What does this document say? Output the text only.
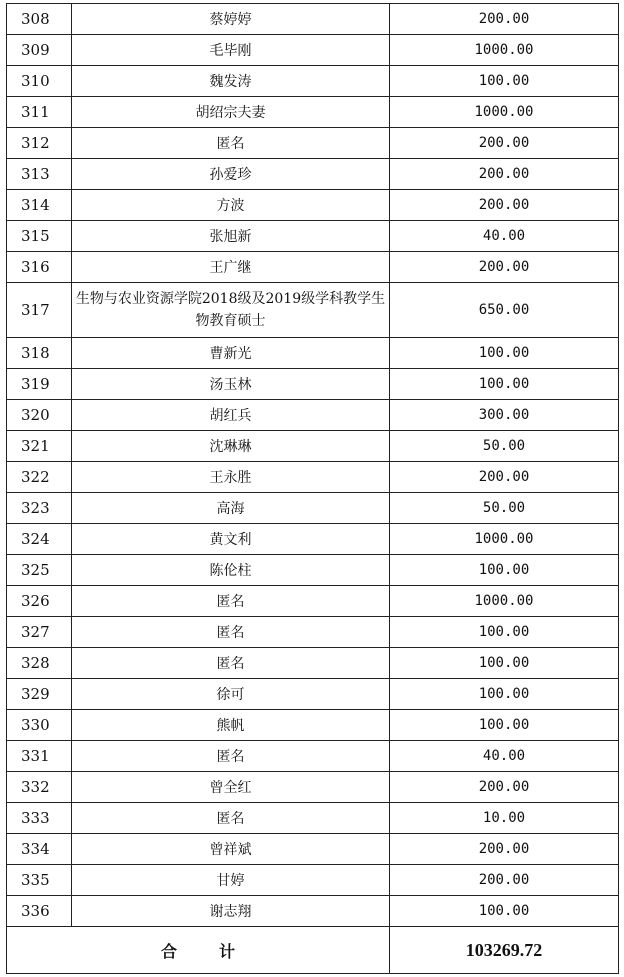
308	蔡婷婷	200.00
309	毛毕刚	1000.00
310	魏发涛	100.00
311	胡绍宗夫妻	1000.00
312	匿名	200.00
313	孙爱珍	200.00
314	方波	200.00
315	张旭新	40.00
316	王广继	200.00
317	生物与农业资源学院2018级及2019级学科教学生物教育硕士	650.00
318	曹新光	100.00
319	汤玉林	100.00
320	胡红兵	300.00
321	沈琳琳	50.00
322	王永胜	200.00
323	高海	50.00
324	黄文利	1000.00
325	陈伦柱	100.00
326	匿名	1000.00
327	匿名	100.00
328	匿名	100.00
329	徐可	100.00
330	熊帆	100.00
331	匿名	40.00
332	曾全红	200.00
333	匿名	10.00
334	曾祥斌	200.00
335	甘婷	200.00
336	谢志翔	100.00
合 计		103269.72
